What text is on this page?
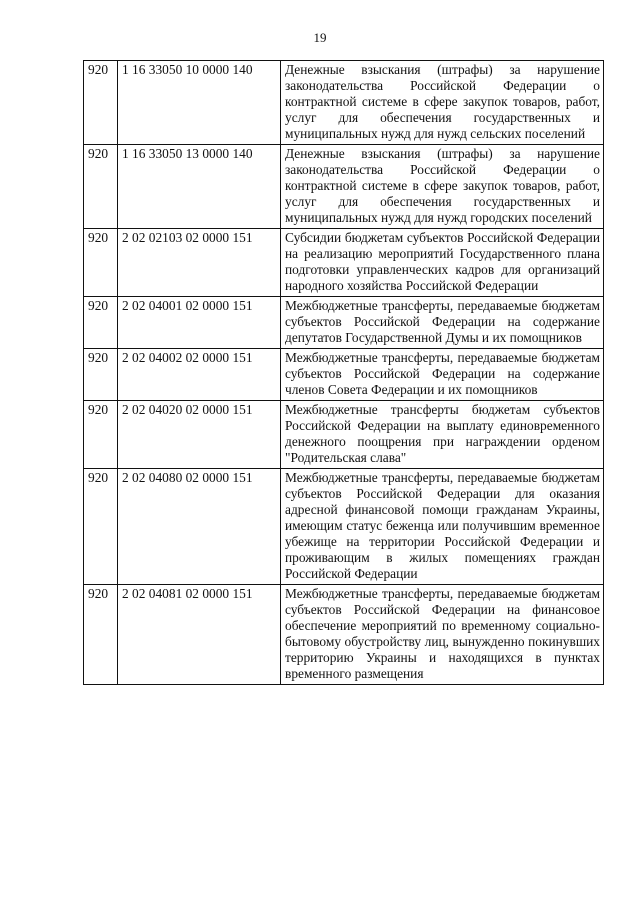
19
920	1 16 33050 10 0000 140	Денежные взыскания (штрафы) за нарушение законодательства Российской Федерации о контрактной системе в сфере закупок товаров, работ, услуг для обеспечения государственных и муниципальных нужд для нужд сельских поселений
920	1 16 33050 13 0000 140	Денежные взыскания (штрафы) за нарушение законодательства Российской Федерации о контрактной системе в сфере закупок товаров, работ, услуг для обеспечения государственных и муниципальных нужд для нужд городских поселений
920	2 02 02103 02 0000 151	Субсидии бюджетам субъектов Российской Федерации на реализацию мероприятий Государственного плана подготовки управленческих кадров для организаций народного хозяйства Российской Федерации
920	2 02 04001 02 0000 151	Межбюджетные трансферты, передаваемые бюджетам субъектов Российской Федерации на содержание депутатов Государственной Думы и их помощников
920	2 02 04002 02 0000 151	Межбюджетные трансферты, передаваемые бюджетам субъектов Российской Федерации на содержание членов Совета Федерации и их помощников
920	2 02 04020 02 0000 151	Межбюджетные трансферты бюджетам субъектов Российской Федерации на выплату единовременного денежного поощрения при награждении орденом "Родительская слава"
920	2 02 04080 02 0000 151	Межбюджетные трансферты, передаваемые бюджетам субъектов Российской Федерации для оказания адресной финансовой помощи гражданам Украины, имеющим статус беженца или получившим временное убежище на территории Российской Федерации и проживающим в жилых помещениях граждан Российской Федерации
920	2 02 04081 02 0000 151	Межбюджетные трансферты, передаваемые бюджетам субъектов Российской Федерации на финансовое обеспечение мероприятий по временному социально-бытовому обустройству лиц, вынужденно покинувших территорию Украины и находящихся в пунктах временного размещения
